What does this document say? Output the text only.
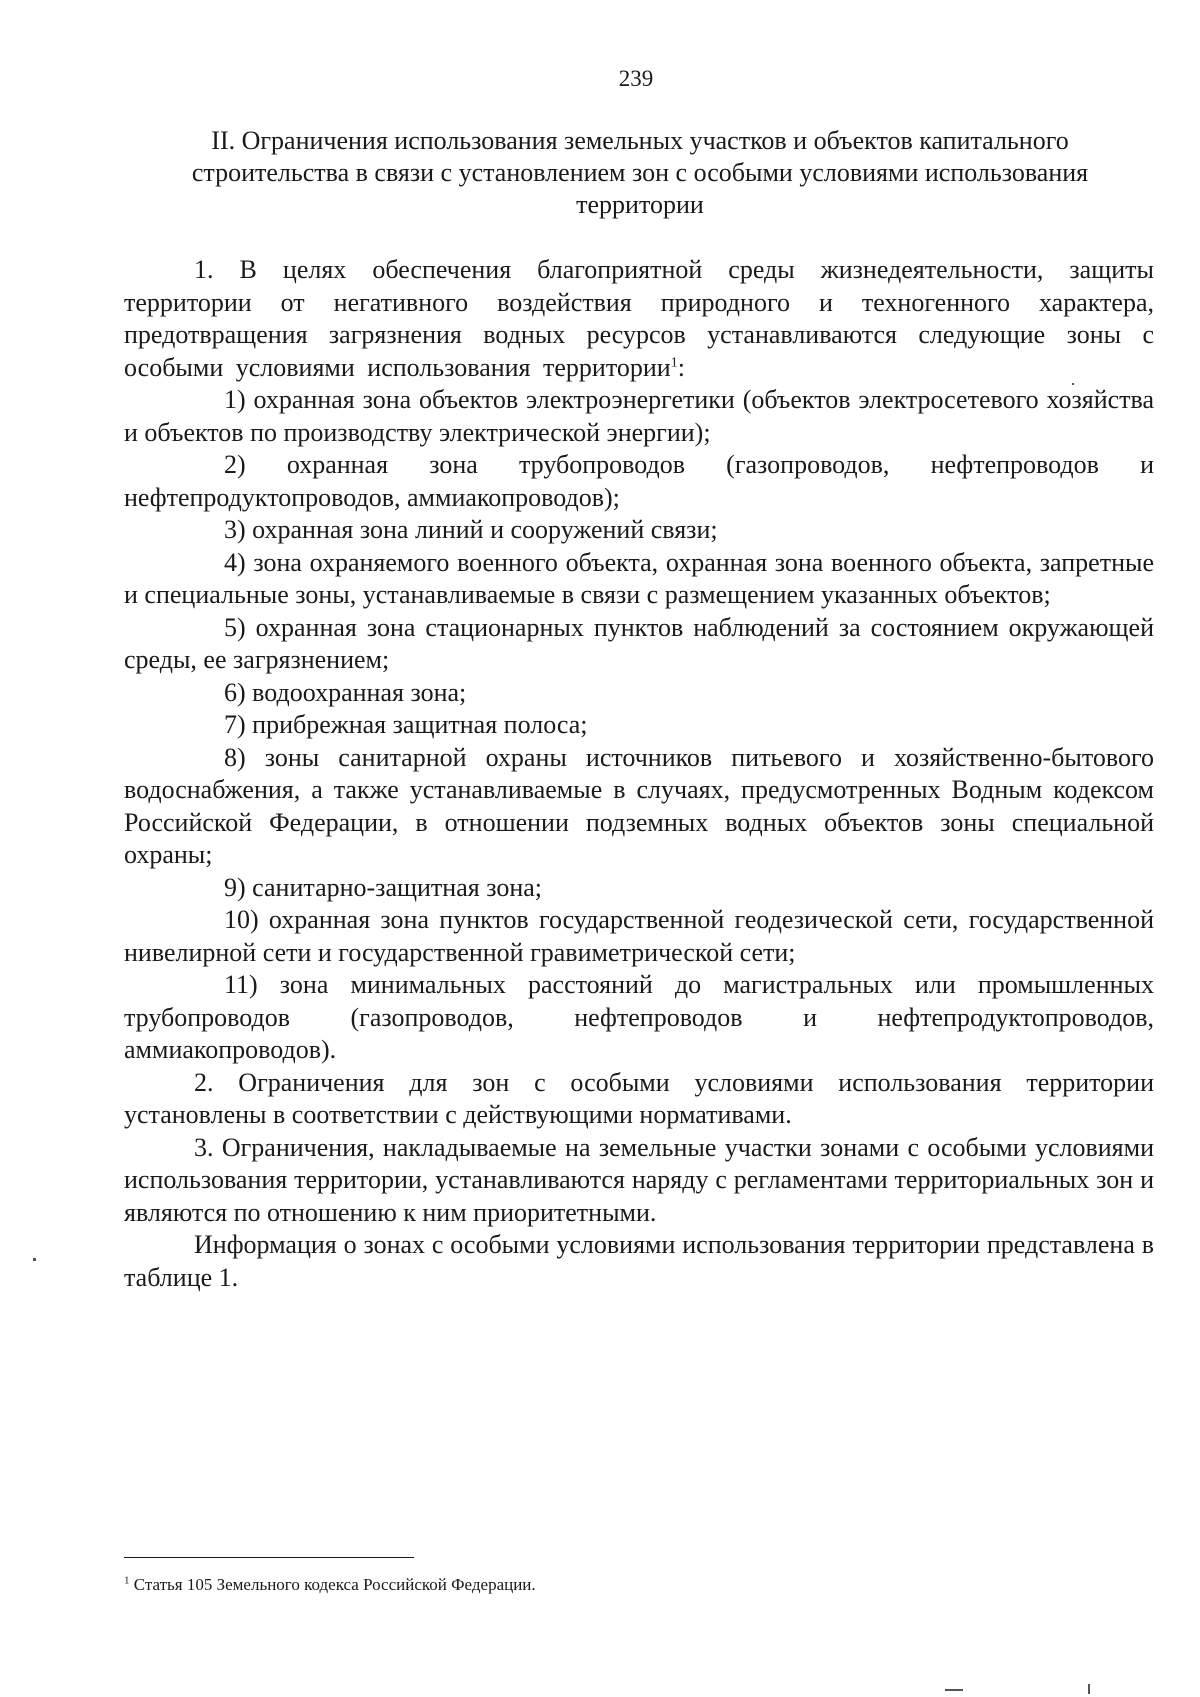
239
II. Ограничения использования земельных участков и объектов капитального строительства в связи с установлением зон с особыми условиями использования территории

1. В целях обеспечения благоприятной среды жизнедеятельности, защиты территории от негативного воздействия природного и техногенного характера, предотвращения загрязнения водных ресурсов устанавливаются следующие зоны с особыми условиями использования территории$^1$:

1) охранная зона объектов электроэнергетики (объектов электросетевого хозяйства и объектов по производству электрической энергии);

2) охранная зона трубопроводов (газопроводов, нефтепроводов и нефтепродуктопроводов, аммиакопроводов);

3) охранная зона линий и сооружений связи;

4) зона охраняемого военного объекта, охранная зона военного объекта, запретные и специальные зоны, устанавливаемые в связи с размещением указанных объектов;

5) охранная зона стационарных пунктов наблюдений за состоянием окружающей среды, ее загрязнением;

6) водоохранная зона;

7) прибрежная защитная полоса;

8) зоны санитарной охраны источников питьевого и хозяйственно-бытового водоснабжения, а также устанавливаемые в случаях, предусмотренных Водным кодексом Российской Федерации, в отношении подземных водных объектов зоны специальной охраны;

9) санитарно-защитная зона;

10) охранная зона пунктов государственной геодезической сети, государственной нивелирной сети и государственной гравиметрической сети;

11) зона минимальных расстояний до магистральных или промышленных трубопроводов (газопроводов, нефтепроводов и нефтепродуктопроводов, аммиакопроводов).

2. Ограничения для зон с особыми условиями использования территории установлены в соответствии с действующими нормативами.

3. Ограничения, накладываемые на земельные участки зонами с особыми условиями использования территории, устанавливаются наряду с регламентами территориальных зон и являются по отношению к ним приоритетными.

Информация о зонах с особыми условиями использования территории представлена в таблице 1.

$^1$ Статья 105 Земельного кодекса Российской Федерации.
